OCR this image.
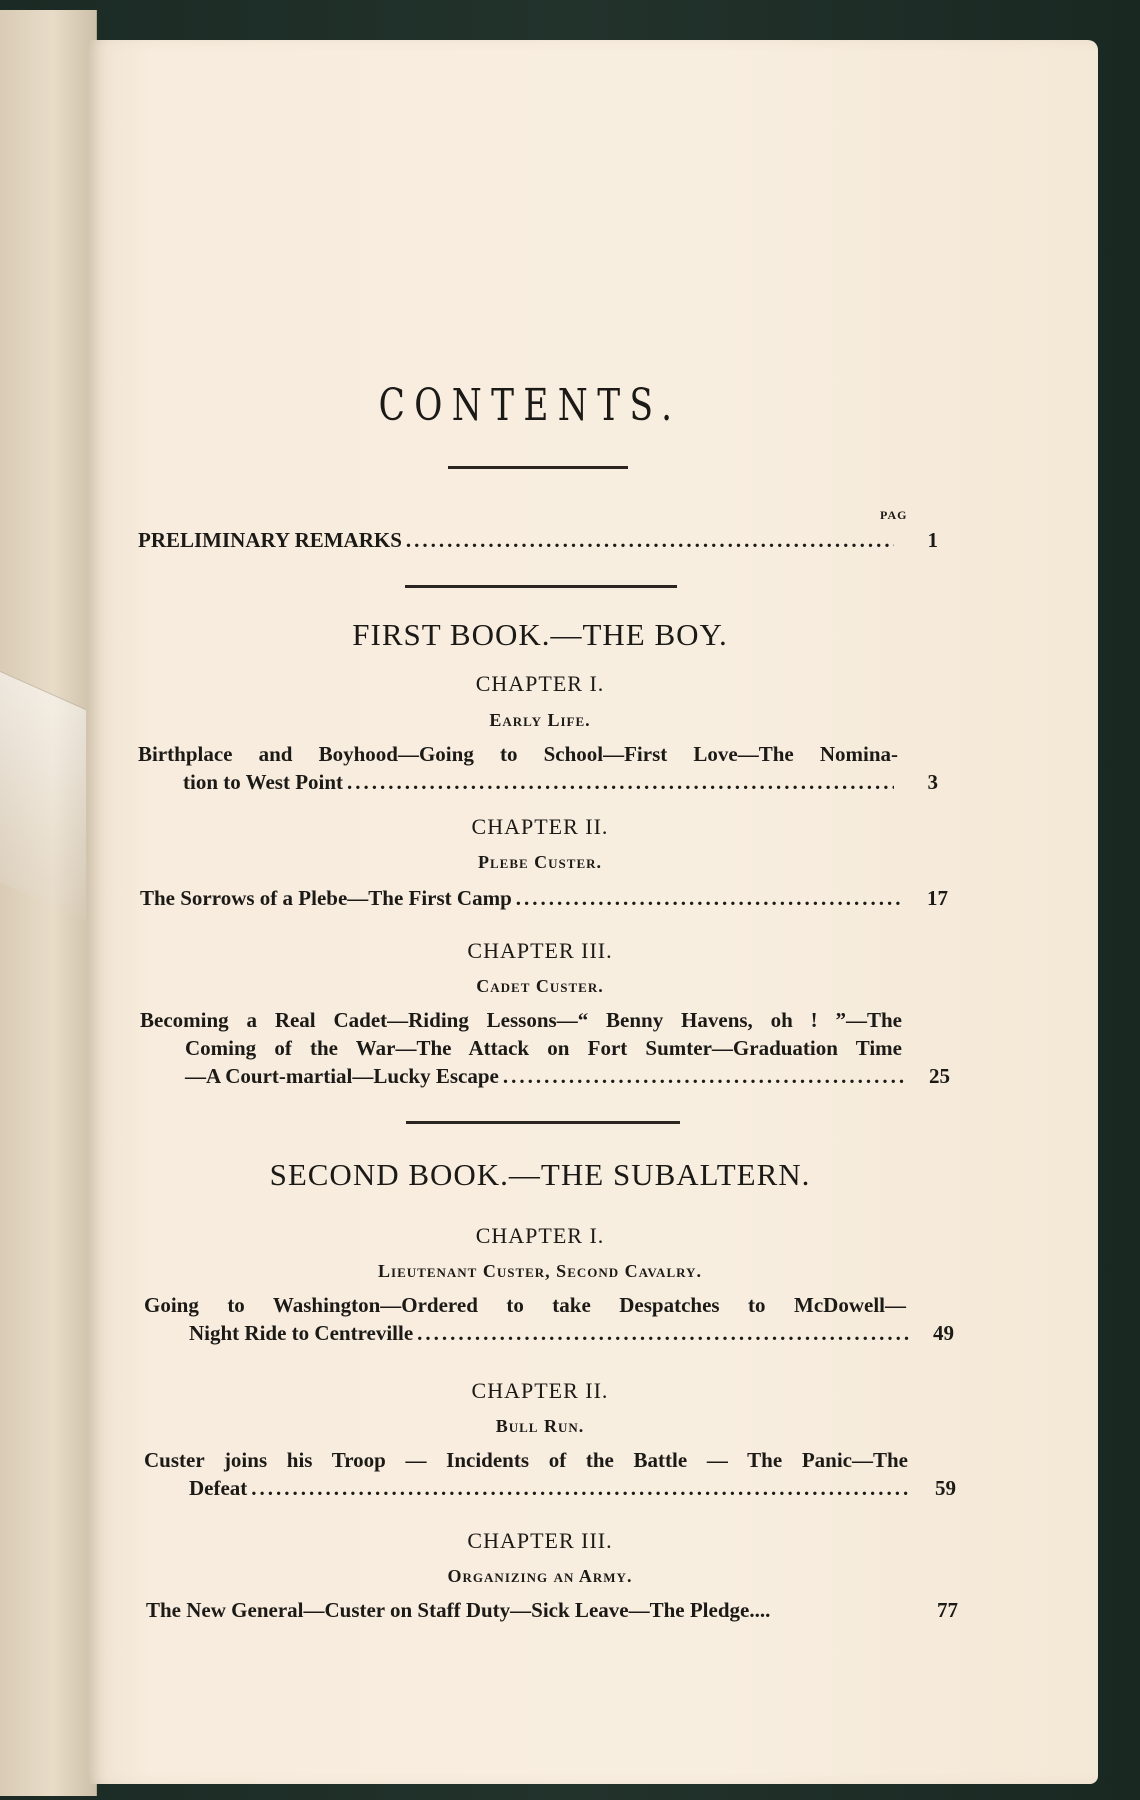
CONTENTS.
PAG
PRELIMINARY REMARKS .....	1
FIRST BOOK.—THE BOY.
CHAPTER I.
Early Life.
Birthplace and Boyhood—Going to School—First Love—The Nomina-
tion to West Point .....	3
CHAPTER II.
Plebe Custer.
The Sorrows of a Plebe—The First Camp .....	17
CHAPTER III.
Cadet Custer.
Becoming a Real Cadet—Riding Lessons—“ Benny Havens, oh ! ”—The
Coming of the War—The Attack on Fort Sumter—Graduation Time
—A Court-martial—Lucky Escape .....	25
SECOND BOOK.—THE SUBALTERN.
CHAPTER I.
Lieutenant Custer, Second Cavalry.
Going to Washington—Ordered to take Despatches to McDowell—
Night Ride to Centreville .....	49
CHAPTER II.
Bull Run.
Custer joins his Troop — Incidents of the Battle — The Panic—The
Defeat .....	59
CHAPTER III.
Organizing an Army.
The New General—Custer on Staff Duty—Sick Leave—The Pledge....	77
